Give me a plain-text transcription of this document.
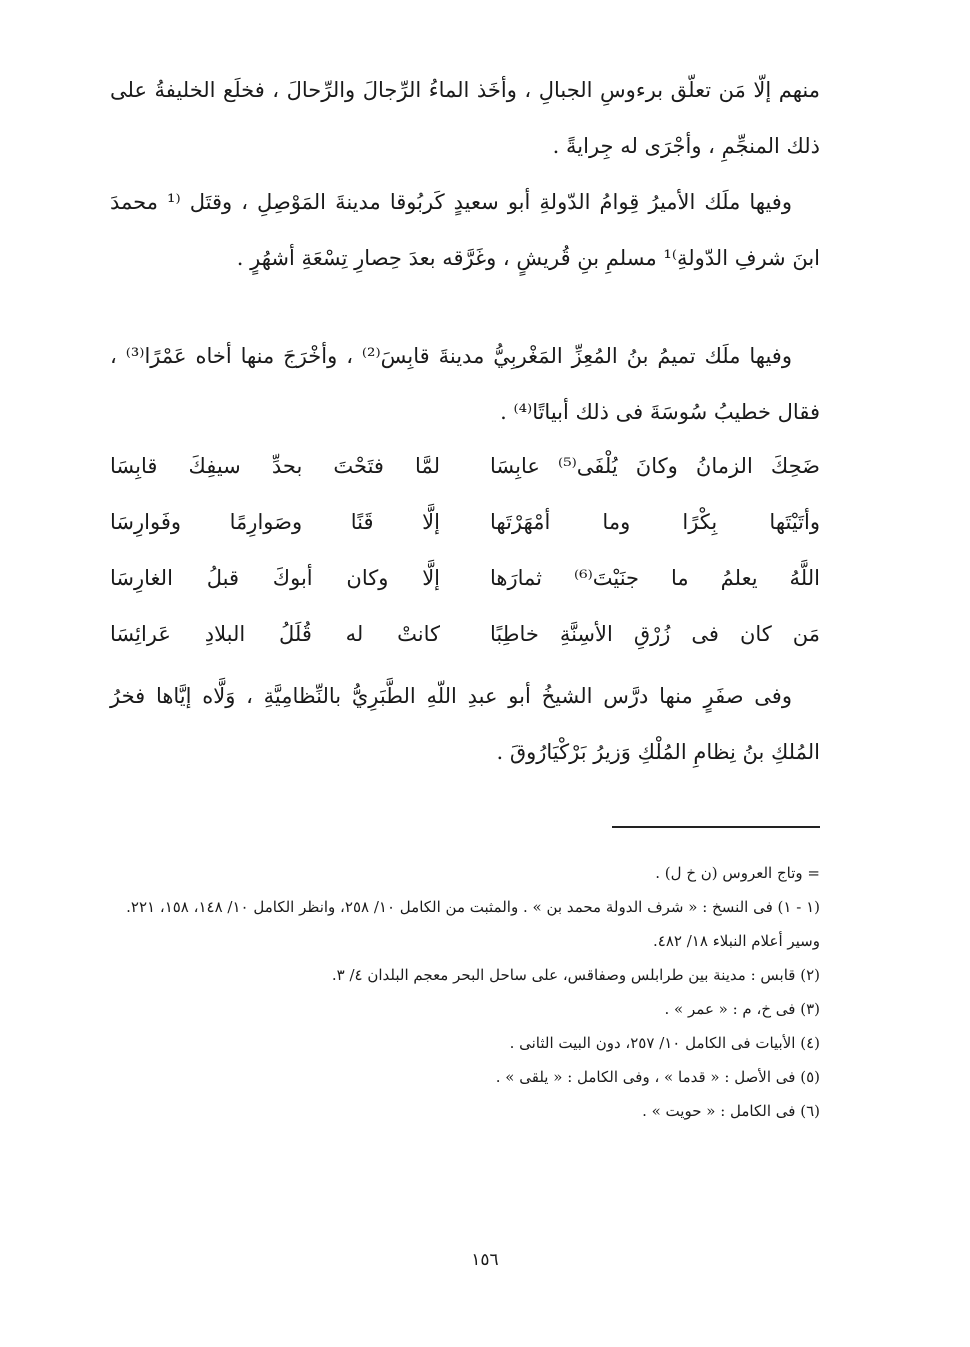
منهم إلّا مَن تعلّق برءوسِ الجبالِ ، وأخَذ الماءُ الرِّجالَ والرِّحالَ ، فخلَع الخليفةُ على ذلك المنجِّمِ ، وأجْرَى له جِرايةً .

وفيها ملَك الأميرُ قِوامُ الدّولةِ أبو سعيدٍ كَربُوقا مدينةَ المَوْصِلِ ، وقتَل ⁽¹ محمدَ ابنَ شرفِ الدّولةِ⁾¹ مسلمِ بنِ قُريشٍ ، وغَرَّقه بعدَ حِصارِ تِسْعَةِ أشهُرٍ .

وفيها ملَك تميمُ بنُ المُعِزِّ المَغْربِيُّ مدينةَ قابِسَ⁽²⁾ ، وأخْرَجَ منها أخاه عَمْرًا⁽³⁾ ، فقال خطيبُ سُوسَةَ فى ذلك أبياتًا⁽⁴⁾ .

ضَحِكَ الزمانُ وكانَ يُلْفَى⁽⁵⁾ عابِسَا
لمَّا فتَحْتَ بحدِّ سيفِكَ قابِسَا
وأتَيْتَها بِكْرًا وما أمْهَرْتَها
إلَّا قَنًا وصَوارِمًا وفَوارِسَا
اللَّهُ يعلمُ ما جنَيْتَ⁽⁶⁾ ثمارَها
إلَّا وكان أبوكَ قبلُ الغارِسَا
مَن كان فى زُرْقِ الأسِنَّةِ خاطِبًا
كانتْ له قُلَلُ البلادِ عَرائِسَا

وفى صفَرٍ منها درَّس الشيخُ أبو عبدِ اللّهِ الطَّبَرِيُّ بالنِّظامِيَّةِ ، وَلَّاه إيَّاها فخرُ المُلكِ بنُ نِظامِ المُلْكِ وَزيرُ بَرْكْيَارُوقَ .

= وتاج العروس (ن خ ل) .

(١ - ١) فى النسخ : « شرف الدولة محمد بن » . والمثبت من الكامل ١٠/ ٢٥٨، وانظر الكامل ١٠/ ١٤٨، ١٥٨، ٢٢١. وسير أعلام النبلاء ١٨/ ٤٨٢.

(٢) قابس : مدينة بين طرابلس وصفاقس، على ساحل البحر معجم البلدان ٤/ ٣.

(٣) فى خ، م : « عمر » .

(٤) الأبيات فى الكامل ١٠/ ٢٥٧، دون البيت الثانى .

(٥) فى الأصل : « قدما » ، وفى الكامل : « يلقى » .

(٦) فى الكامل : « حويت » .

١٥٦
